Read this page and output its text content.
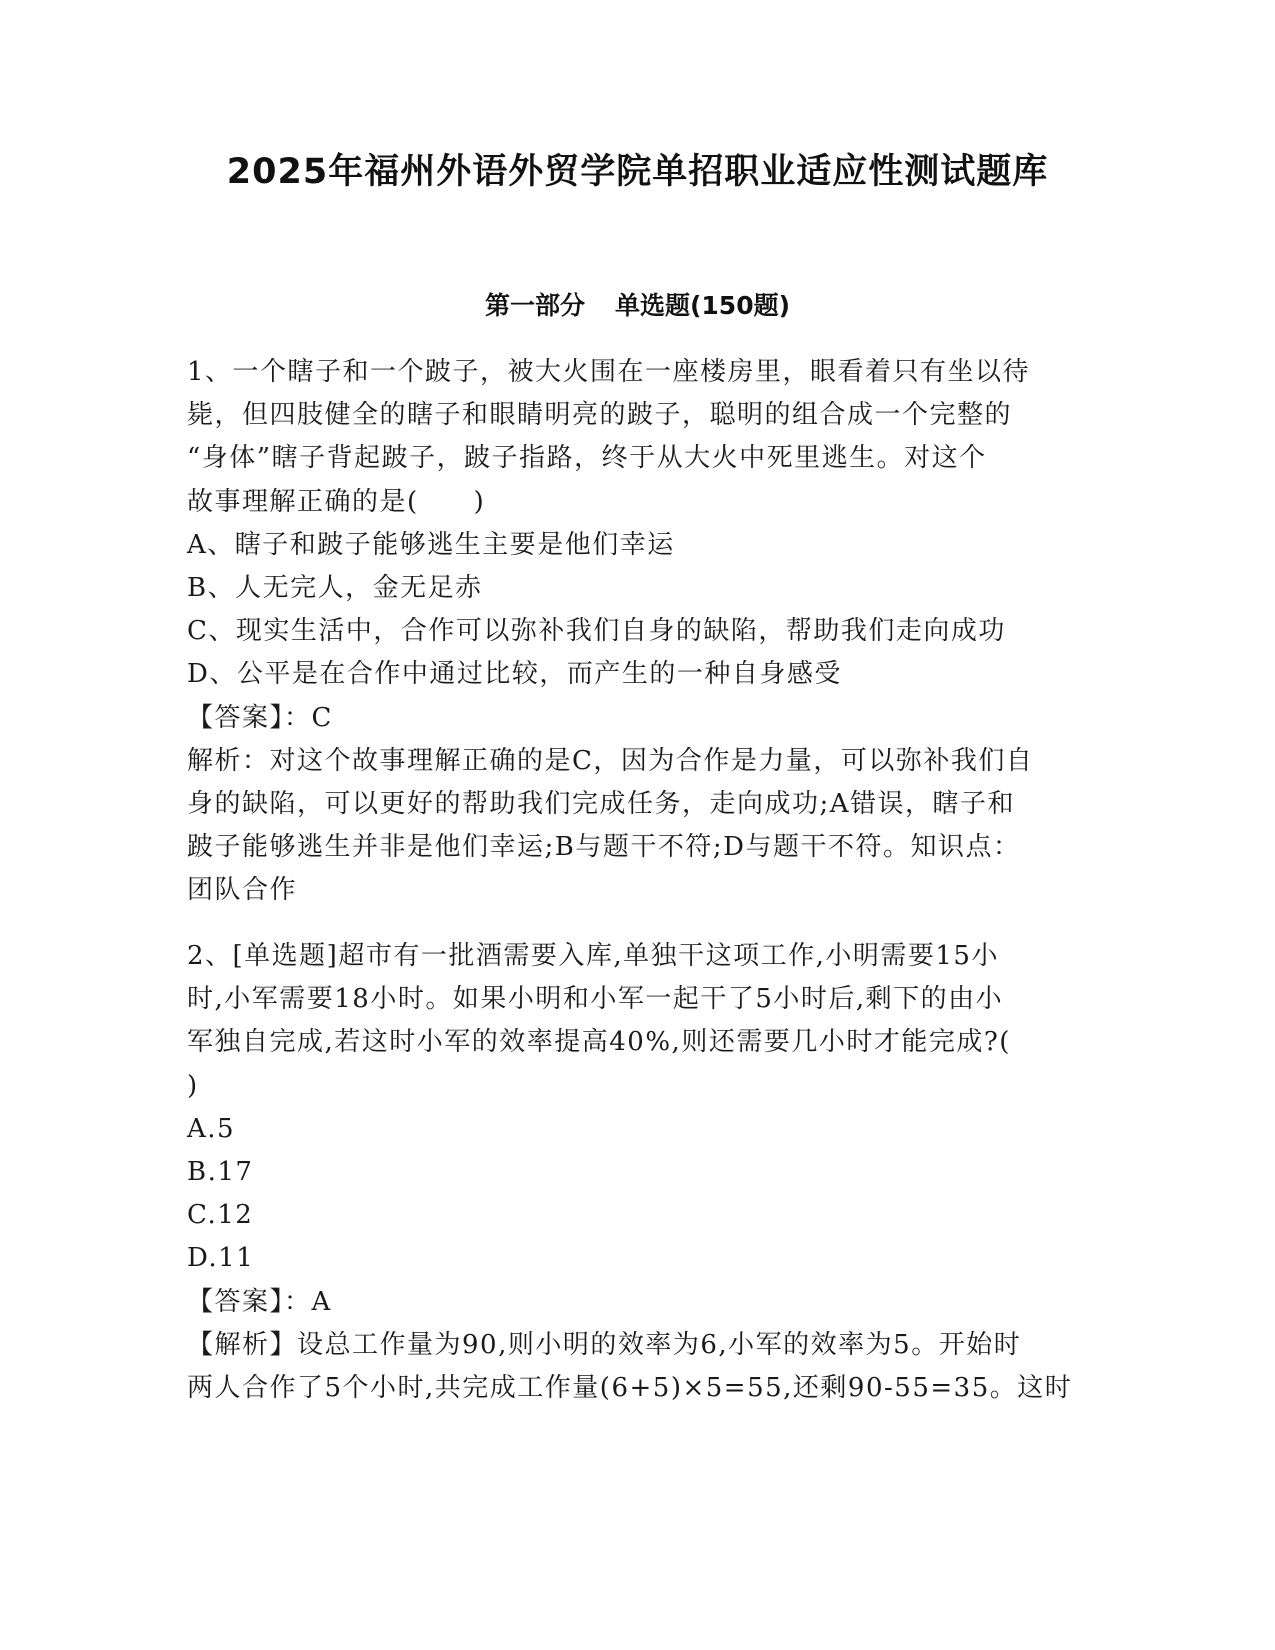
2025年福州外语外贸学院单招职业适应性测试题库
第一部分 单选题(150题)

1、一个瞎子和一个跛子，被大火围在一座楼房里，眼看着只有坐以待

毙，但四肢健全的瞎子和眼睛明亮的跛子，聪明的组合成一个完整的

“身体”瞎子背起跛子，跛子指路，终于从大火中死里逃生。对这个

故事理解正确的是(　　)

A、瞎子和跛子能够逃生主要是他们幸运

B、人无完人，金无足赤

C、现实生活中，合作可以弥补我们自身的缺陷，帮助我们走向成功

D、公平是在合作中通过比较，而产生的一种自身感受

【答案】：C

解析：对这个故事理解正确的是C，因为合作是力量，可以弥补我们自

身的缺陷，可以更好的帮助我们完成任务，走向成功;A错误，瞎子和

跛子能够逃生并非是他们幸运;B与题干不符;D与题干不符。知识点：

团队合作

2、[单选题]超市有一批酒需要入库,单独干这项工作,小明需要15小

时,小军需要18小时。如果小明和小军一起干了5小时后,剩下的由小

军独自完成,若这时小军的效率提高40%,则还需要几小时才能完成?(

)

A.5

B.17

C.12

D.11

【答案】：A

【解析】设总工作量为90,则小明的效率为6,小军的效率为5。开始时

两人合作了5个小时,共完成工作量(6+5)×5=55,还剩90-55=35。这时
